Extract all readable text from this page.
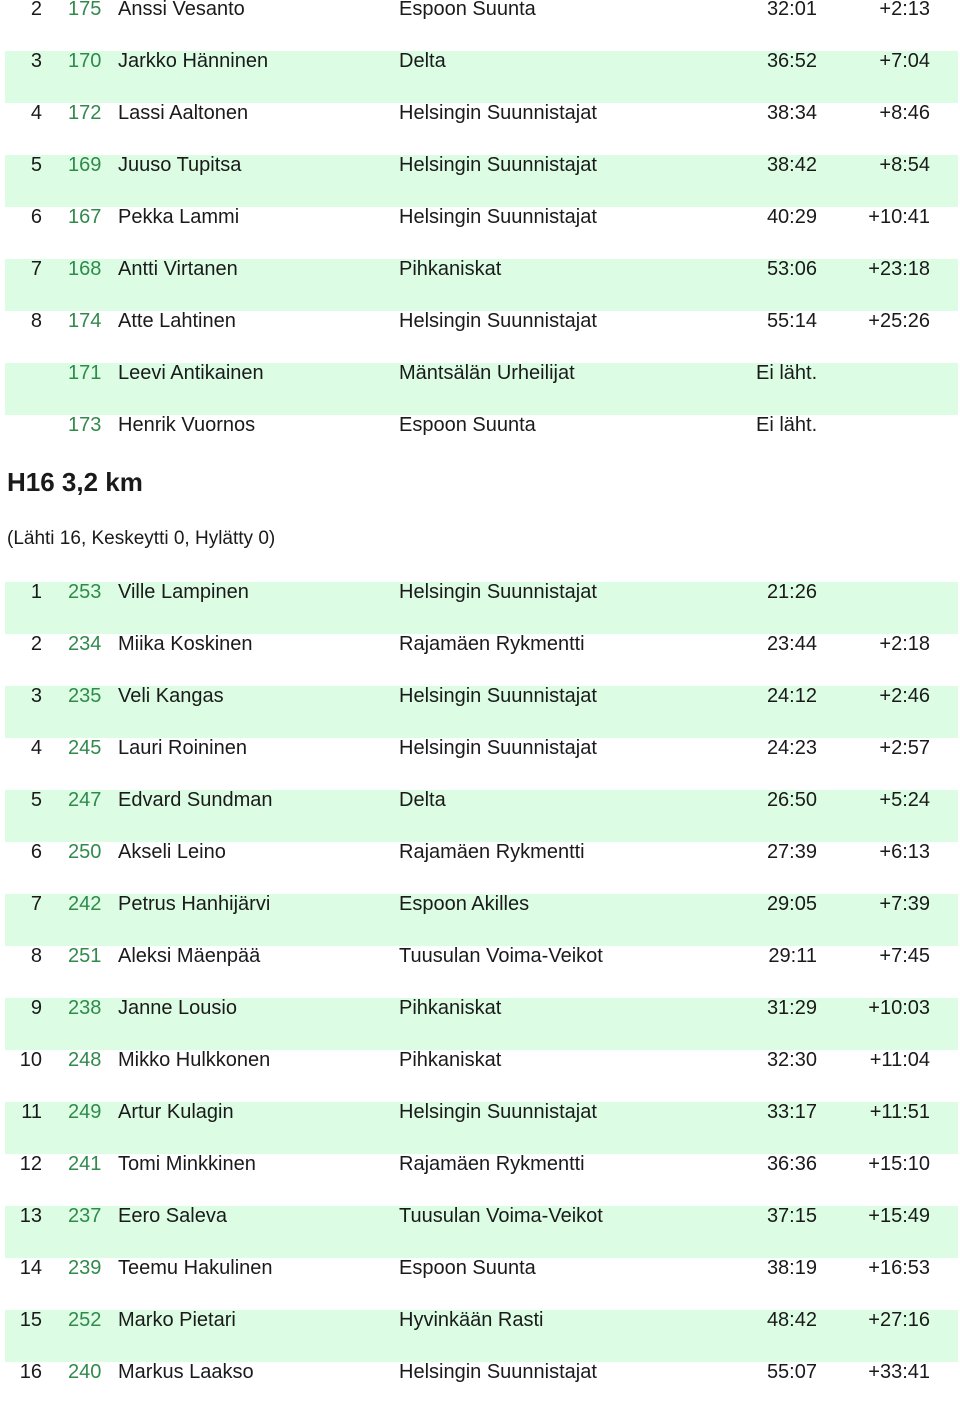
2 175 Anssi Vesanto	Espoon Suunta	32:01	+2:13
3 170 Jarkko Hänninen	Delta	36:52	+7:04
4 172 Lassi Aaltonen	Helsingin Suunnistajat	38:34	+8:46
5 169 Juuso Tupitsa	Helsingin Suunnistajat	38:42	+8:54
6 167 Pekka Lammi	Helsingin Suunnistajat	40:29	+10:41
7 168 Antti Virtanen	Pihkaniskat	53:06	+23:18
8 174 Atte Lahtinen	Helsingin Suunnistajat	55:14	+25:26
171 Leevi Antikainen	Mäntsälän Urheilijat	Ei läht.
173 Henrik Vuornos	Espoon Suunta	Ei läht.
H16 3,2 km
(Lähti 16, Keskeytti 0, Hylätty 0)
1 253 Ville Lampinen	Helsingin Suunnistajat	21:26
2 234 Miika Koskinen	Rajamäen Rykmentti	23:44	+2:18
3 235 Veli Kangas	Helsingin Suunnistajat	24:12	+2:46
4 245 Lauri Roininen	Helsingin Suunnistajat	24:23	+2:57
5 247 Edvard Sundman	Delta	26:50	+5:24
6 250 Akseli Leino	Rajamäen Rykmentti	27:39	+6:13
7 242 Petrus Hanhijärvi	Espoon Akilles	29:05	+7:39
8 251 Aleksi Mäenpää	Tuusulan Voima-Veikot	29:11	+7:45
9 238 Janne Lousio	Pihkaniskat	31:29	+10:03
10 248 Mikko Hulkkonen	Pihkaniskat	32:30	+11:04
11 249 Artur Kulagin	Helsingin Suunnistajat	33:17	+11:51
12 241 Tomi Minkkinen	Rajamäen Rykmentti	36:36	+15:10
13 237 Eero Saleva	Tuusulan Voima-Veikot	37:15	+15:49
14 239 Teemu Hakulinen	Espoon Suunta	38:19	+16:53
15 252 Marko Pietari	Hyvinkään Rasti	48:42	+27:16
16 240 Markus Laakso	Helsingin Suunnistajat	55:07	+33:41
